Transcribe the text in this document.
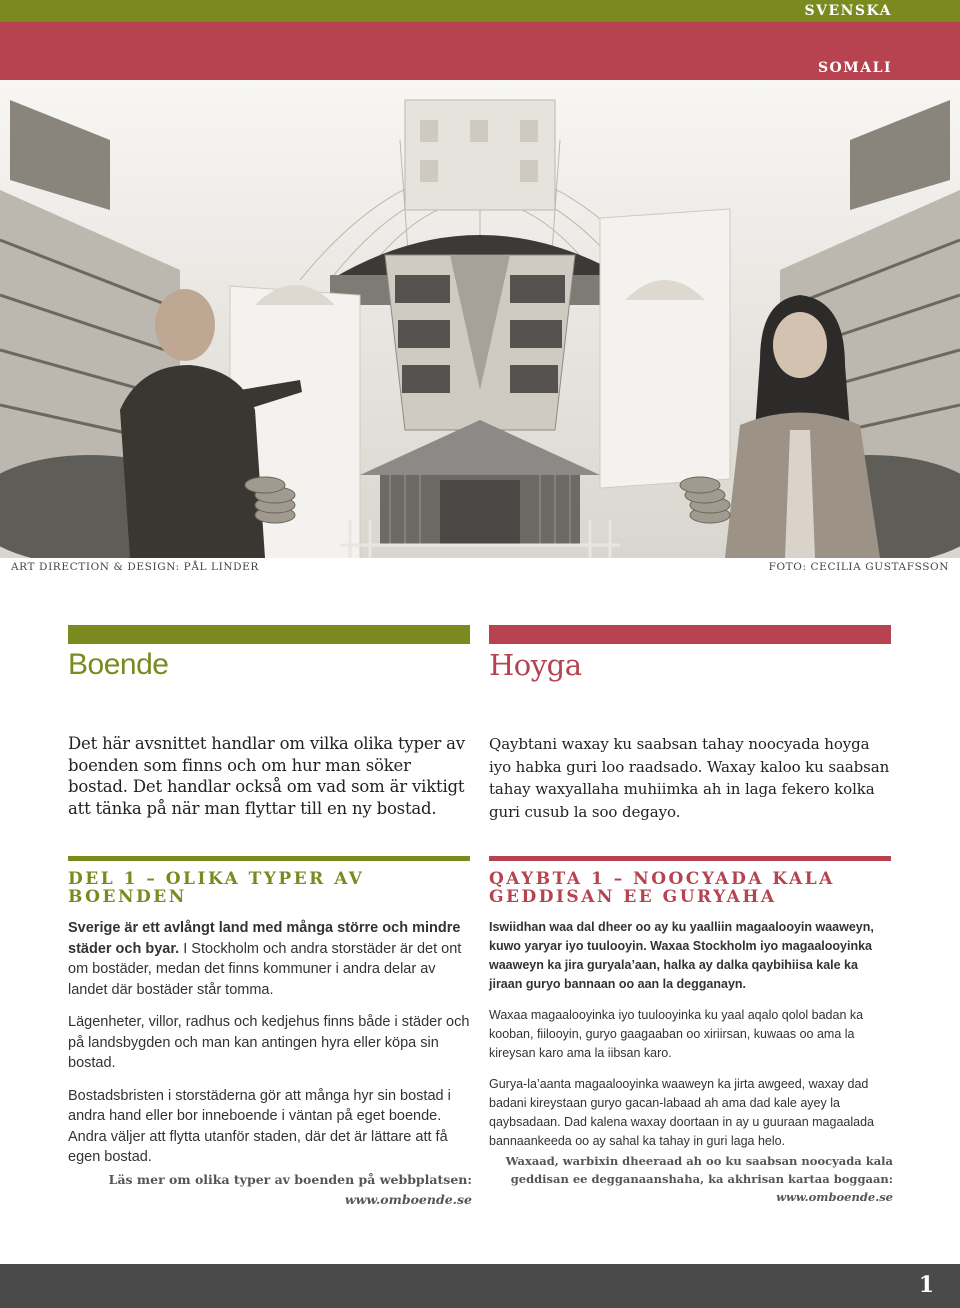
SVENSKA
SOMALI
ART DIRECTION & DESIGN: PÅL LINDER	FOTO: CECILIA GUSTAFSSON
Boende	Hoyga
Det här avsnittet handlar om vilka olika typer av boenden som finns och om hur man söker bostad. Det handlar också om vad som är viktigt att tänka på när man flyttar till en ny bostad.
Qaybtani waxay ku saabsan tahay noocyada hoyga iyo habka guri loo raadsado. Waxay kaloo ku saabsan tahay waxyallaha muhiimka ah in laga fekero kolka guri cusub la soo degayo.
DEL 1 – OLIKA TYPER AV BOENDEN
QAYBTA 1 – NOOCYADA KALA GEDDISAN EE GURYAHA

Sverige är ett avlångt land med många större och mindre städer och byar. I Stockholm och andra storstäder är det ont om bostäder, medan det finns kommuner i andra delar av landet där bostäder står tomma.

Lägenheter, villor, radhus och kedjehus finns både i städer och på landsbygden och man kan antingen hyra eller köpa sin bostad.

Bostadsbristen i storstäderna gör att många hyr sin bostad i andra hand eller bor inneboende i väntan på eget boende. Andra väljer att flytta utanför staden, där det är lättare att få egen bostad.

Iswiidhan waa dal dheer oo ay ku yaalliin magaalooyin waaweyn, kuwo yaryar iyo tuulooyin. Waxaa Stockholm iyo magaalooyinka waaweyn ka jira guryala’aan, halka ay dalka qaybihiisa kale ka jiraan guryo bannaan oo aan la degganayn.

Waxaa magaalooyinka iyo tuulooyinka ku yaal aqalo qolol badan ka kooban, fiilooyin, guryo gaagaaban oo xiriirsan, kuwaas oo ama la kireysan karo ama la iibsan karo.

Gurya-la’aanta magaalooyinka waaweyn ka jirta awgeed, waxay dad badani kireystaan guryo gacan-labaad ah ama dad kale ayey la qaybsadaan. Dad kalena waxay doortaan in ay u guuraan magaalada bannaankeeda oo ay sahal ka tahay in guri laga helo.

Läs mer om olika typer av boenden på webbplatsen:
www.omboende.se
Waxaad, warbixin dheeraad ah oo ku saabsan noocyada kala geddisan ee degganaanshaha, ka akhrisan kartaa boggaan:
www.omboende.se
1
